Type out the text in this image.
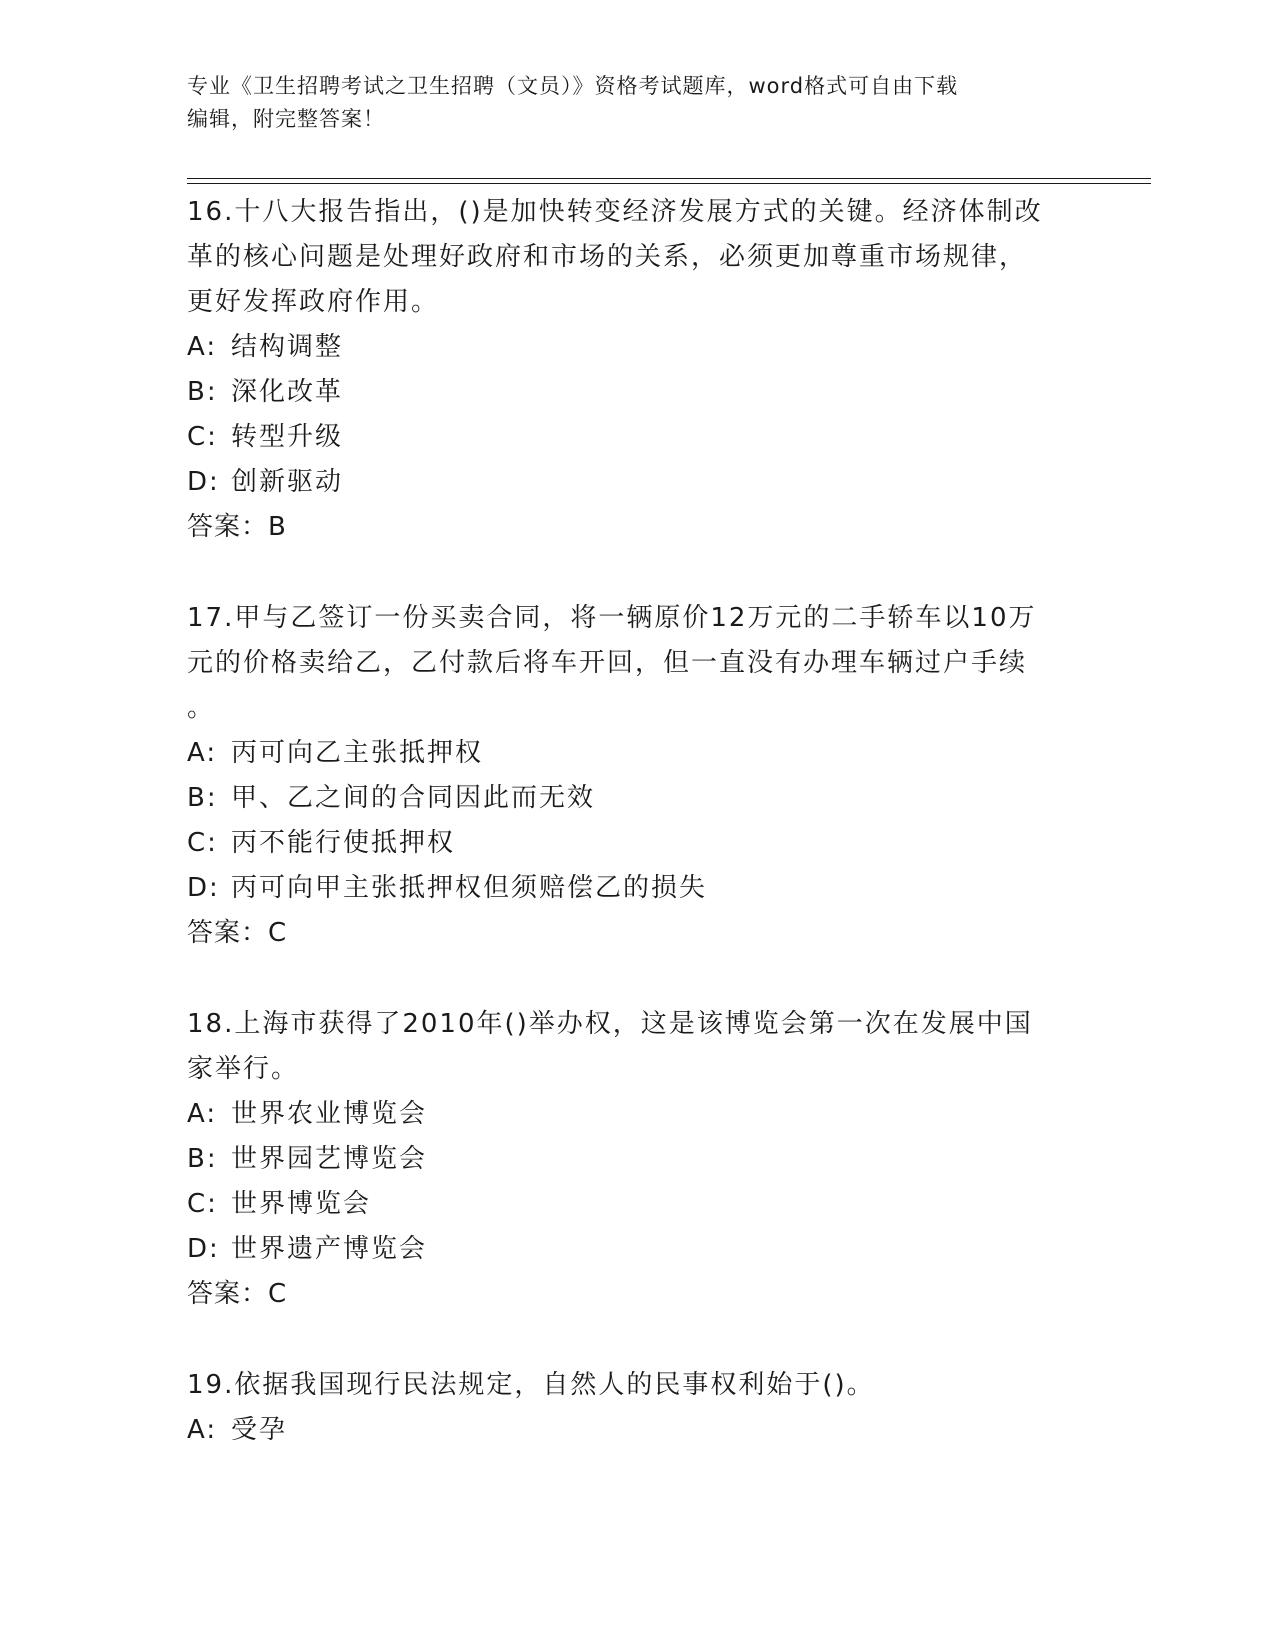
专业《卫生招聘考试之卫生招聘（文员）》资格考试题库，word格式可自由下载
编辑，附完整答案！
16.十八大报告指出，()是加快转变经济发展方式的关键。经济体制改
革的核心问题是处理好政府和市场的关系，必须更加尊重市场规律，
更好发挥政府作用。
A: 结构调整
B: 深化改革
C: 转型升级
D: 创新驱动
答案：B
17.甲与乙签订一份买卖合同，将一辆原价12万元的二手轿车以10万
元的价格卖给乙，乙付款后将车开回，但一直没有办理车辆过户手续
。
A: 丙可向乙主张抵押权
B: 甲、乙之间的合同因此而无效
C: 丙不能行使抵押权
D: 丙可向甲主张抵押权但须赔偿乙的损失
答案：C
18.上海市获得了2010年()举办权，这是该博览会第一次在发展中国
家举行。
A: 世界农业博览会
B: 世界园艺博览会
C: 世界博览会
D: 世界遗产博览会
答案：C
19.依据我国现行民法规定，自然人的民事权利始于()。
A: 受孕
